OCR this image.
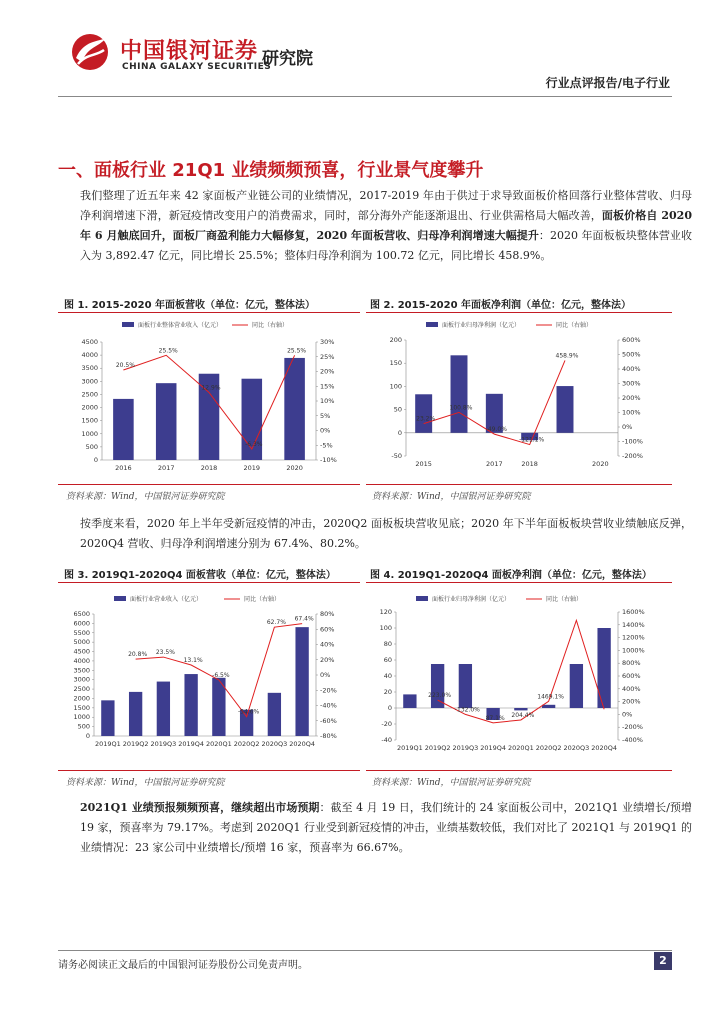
中国银河证券
CHINA GALAXY SECURITIES
研究院
行业点评报告/电子行业
一、面板行业 21Q1 业绩频频预喜，行业景气度攀升
我们整理了近五年来 42 家面板产业链公司的业绩情况，2017-2019 年由于供过于求导致面板价格回落行业整体营收、归母净利润增速下滑，新冠疫情改变用户的消费需求，同时，部分海外产能逐渐退出、行业供需格局大幅改善，面板价格自 2020 年 6 月触底回升，面板厂商盈利能力大幅修复，2020 年面板营收、归母净利润增速大幅提升：2020 年面板板块整体营业收入为 3,892.47 亿元，同比增长 25.5%；整体归母净利润为 100.72 亿元，同比增长 458.9%。
图 1. 2015-2020 年面板营收（单位：亿元，整体法）	图 2. 2015-2020 年面板净利润（单位：亿元，整体法）
面板行业整体营业收入（亿元）	同比（右轴）
0
500
1000
1500
2000
2500
3000
3500
4000
4500
-10%
-5%
0%
5%
10%
15%
20%
25%
30%
2016	2017	2018	2019	2020
20.5%
25.5%
12.9%
-6.3%
25.5%
面板行业归母净利润（亿元）	同比（右轴）
-50
0
50
100
150
200
-200%
-100%
0%
100%
200%
300%
400%
500%
600%
2015	2017	2018	2020
23.2%
100.8%
-49.0%
-121.1%
458.9%
资料来源：Wind，中国银河证券研究院	资料来源：Wind，中国银河证券研究院
按季度来看，2020 年上半年受新冠疫情的冲击，2020Q2 面板板块营收见底；2020 年下半年面板板块营收业绩触底反弹，2020Q4 营收、归母净利润增速分别为 67.4%、80.2%。
图 3. 2019Q1-2020Q4 面板营收（单位：亿元，整体法）	图 4. 2019Q1-2020Q4 面板净利润（单位：亿元，整体法）
面板行业营业收入（亿元）	同比（右轴）
0
500
1000
1500
2000
2500
3000
3500
4000
4500
5000
5500
6000
6500
-80%
-60%
-40%
-20%
0%
20%
40%
60%
80%
2019Q1 2019Q2 2019Q3 2019Q4 2020Q1 2020Q2 2020Q3 2020Q4
20.8% 23.5%
13.1%
-6.5%
-54.6%
62.7%
67.4%
面板行业归母净利润（亿元）	同比（右轴）
-40
-20
0
20
40
60
80
100
120
-400%
-200%
0%
200%
400%
600%
800%
1000%
1200%
1400%
1600%
2019Q1 2019Q2 2019Q3 2019Q4 2020Q1 2020Q2 2020Q3 2020Q4
223.0%
-132.0%
87.1% 204.4%
1469.1%
资料来源：Wind，中国银河证券研究院	资料来源：Wind，中国银河证券研究院
2021Q1 业绩预报频频预喜，继续超出市场预期：截至 4 月 19 日，我们统计的 24 家面板公司中，2021Q1 业绩增长/预增 19 家，预喜率为 79.17%。考虑到 2020Q1 行业受到新冠疫情的冲击，业绩基数较低，我们对比了 2021Q1 与 2019Q1 的业绩情况：23 家公司中业绩增长/预增 16 家，预喜率为 66.67%。
请务必阅读正文最后的中国银河证券股份公司免责声明。	2
